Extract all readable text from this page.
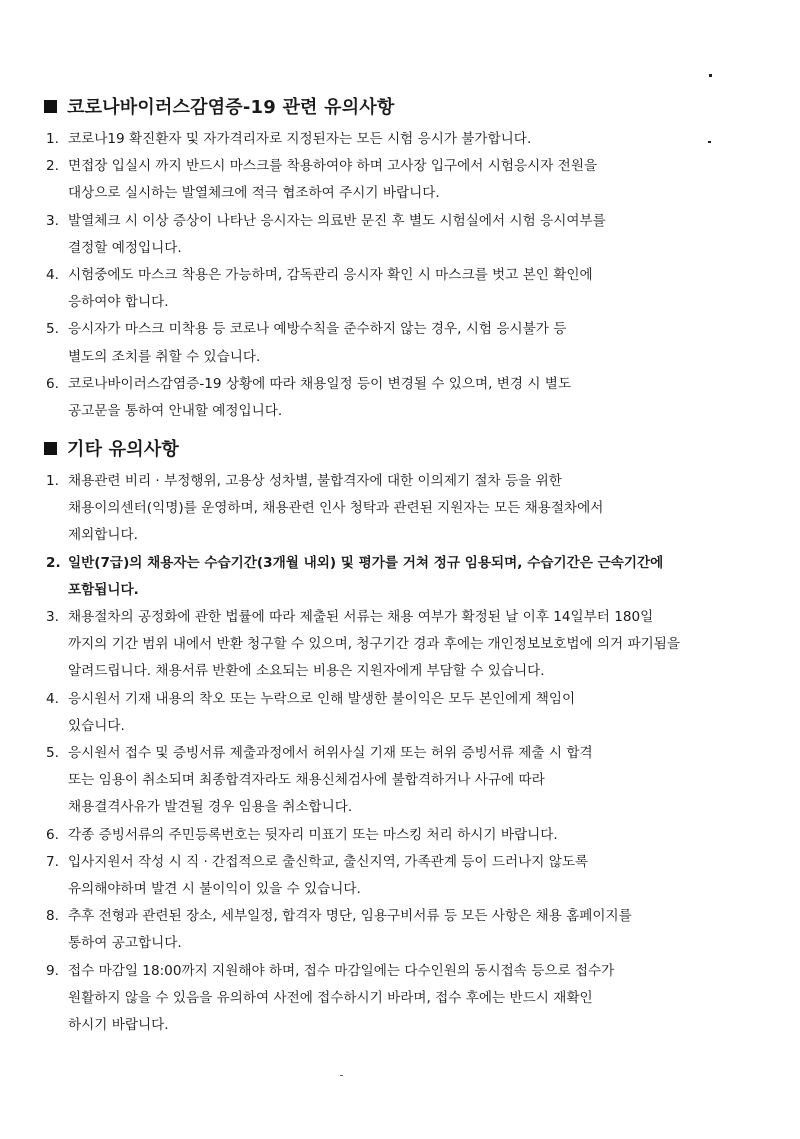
코로나바이러스감염증-19 관련 유의사항
1. 코로나19 확진환자 및 자가격리자로 지정된자는 모든 시험 응시가 불가합니다.
2. 면접장 입실시 까지 반드시 마스크를 착용하여야 하며 고사장 입구에서 시험응시자 전원을
대상으로 실시하는 발열체크에 적극 협조하여 주시기 바랍니다.
3. 발열체크 시 이상 증상이 나타난 응시자는 의료반 문진 후 별도 시험실에서 시험 응시여부를
결정할 예정입니다.
4. 시험중에도 마스크 착용은 가능하며, 감독관리 응시자 확인 시 마스크를 벗고 본인 확인에
응하여야 합니다.
5. 응시자가 마스크 미착용 등 코로나 예방수칙을 준수하지 않는 경우, 시험 응시불가 등
별도의 조치를 취할 수 있습니다.
6. 코로나바이러스감염증-19 상황에 따라 채용일정 등이 변경될 수 있으며, 변경 시 별도
공고문을 통하여 안내할 예정입니다.
기타 유의사항
1. 채용관련 비리 · 부정행위, 고용상 성차별, 불합격자에 대한 이의제기 절차 등을 위한
채용이의센터(익명)를 운영하며, 채용관련 인사 청탁과 관련된 지원자는 모든 채용절차에서
제외합니다.
2. 일반(7급)의 채용자는 수습기간(3개월 내외) 및 평가를 거쳐 정규 임용되며, 수습기간은 근속기간에
포함됩니다.
3. 채용절차의 공정화에 관한 법률에 따라 제출된 서류는 채용 여부가 확정된 날 이후 14일부터 180일
까지의 기간 범위 내에서 반환 청구할 수 있으며, 청구기간 경과 후에는 개인정보보호법에 의거 파기됨을
알려드립니다. 채용서류 반환에 소요되는 비용은 지원자에게 부담할 수 있습니다.
4. 응시원서 기재 내용의 착오 또는 누락으로 인해 발생한 불이익은 모두 본인에게 책임이
있습니다.
5. 응시원서 접수 및 증빙서류 제출과정에서 허위사실 기재 또는 허위 증빙서류 제출 시 합격
또는 임용이 취소되며 최종합격자라도 채용신체검사에 불합격하거나 사규에 따라
채용결격사유가 발견될 경우 임용을 취소합니다.
6. 각종 증빙서류의 주민등록번호는 뒷자리 미표기 또는 마스킹 처리 하시기 바랍니다.
7. 입사지원서 작성 시 직 · 간접적으로 출신학교, 출신지역, 가족관계 등이 드러나지 않도록
유의해야하며 발견 시 불이익이 있을 수 있습니다.
8. 추후 전형과 관련된 장소, 세부일정, 합격자 명단, 임용구비서류 등 모든 사항은 채용 홈페이지를
통하여 공고합니다.
9. 접수 마감일 18:00까지 지원해야 하며, 접수 마감일에는 다수인원의 동시접속 등으로 접수가
원활하지 않을 수 있음을 유의하여 사전에 접수하시기 바라며, 접수 후에는 반드시 재확인
하시기 바랍니다.
